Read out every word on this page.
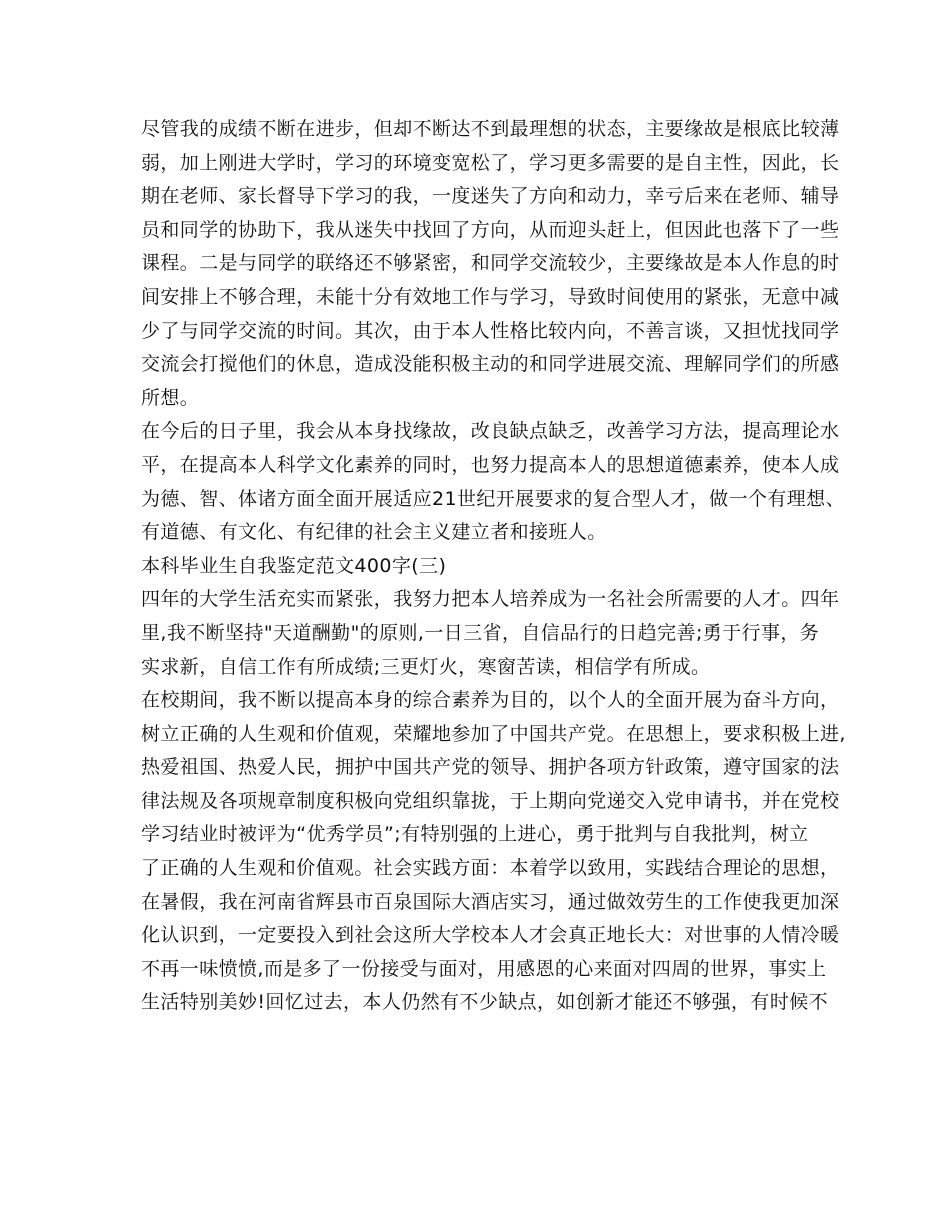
尽管我的成绩不断在进步，但却不断达不到最理想的状态，主要缘故是根底比较薄
弱，加上刚进大学时，学习的环境变宽松了，学习更多需要的是自主性，因此，长
期在老师、家长督导下学习的我，一度迷失了方向和动力，幸亏后来在老师、辅导
员和同学的协助下，我从迷失中找回了方向，从而迎头赶上，但因此也落下了一些
课程。二是与同学的联络还不够紧密，和同学交流较少，主要缘故是本人作息的时
间安排上不够合理，未能十分有效地工作与学习，导致时间使用的紧张，无意中减
少了与同学交流的时间。其次，由于本人性格比较内向，不善言谈，又担忧找同学
交流会打搅他们的休息，造成没能积极主动的和同学进展交流、理解同学们的所感
所想。

在今后的日子里，我会从本身找缘故，改良缺点缺乏，改善学习方法，提高理论水
平，在提高本人科学文化素养的同时，也努力提高本人的思想道德素养，使本人成
为德、智、体诸方面全面开展适应21世纪开展要求的复合型人才，做一个有理想、
有道德、有文化、有纪律的社会主义建立者和接班人。

本科毕业生自我鉴定范文400字(三)

四年的大学生活充实而紧张，我努力把本人培养成为一名社会所需要的人才。四年
里,我不断坚持"天道酬勤"的原则,一日三省，自信品行的日趋完善;勇于行事，务
实求新，自信工作有所成绩;三更灯火，寒窗苦读，相信学有所成。

在校期间，我不断以提高本身的综合素养为目的，以个人的全面开展为奋斗方向，
树立正确的人生观和价值观，荣耀地参加了中国共产党。在思想上，要求积极上进,
热爱祖国、热爱人民，拥护中国共产党的领导、拥护各项方针政策，遵守国家的法
律法规及各项规章制度积极向党组织靠拢，于上期向党递交入党申请书，并在党校
学习结业时被评为“优秀学员”;有特别强的上进心，勇于批判与自我批判，树立
了正确的人生观和价值观。社会实践方面：本着学以致用，实践结合理论的思想，
在暑假，我在河南省辉县市百泉国际大酒店实习，通过做效劳生的工作使我更加深
化认识到，一定要投入到社会这所大学校本人才会真正地长大：对世事的人情冷暖
不再一味愤愤,而是多了一份接受与面对，用感恩的心来面对四周的世界，事实上
生活特别美妙!回忆过去，本人仍然有不少缺点，如创新才能还不够强，有时候不
